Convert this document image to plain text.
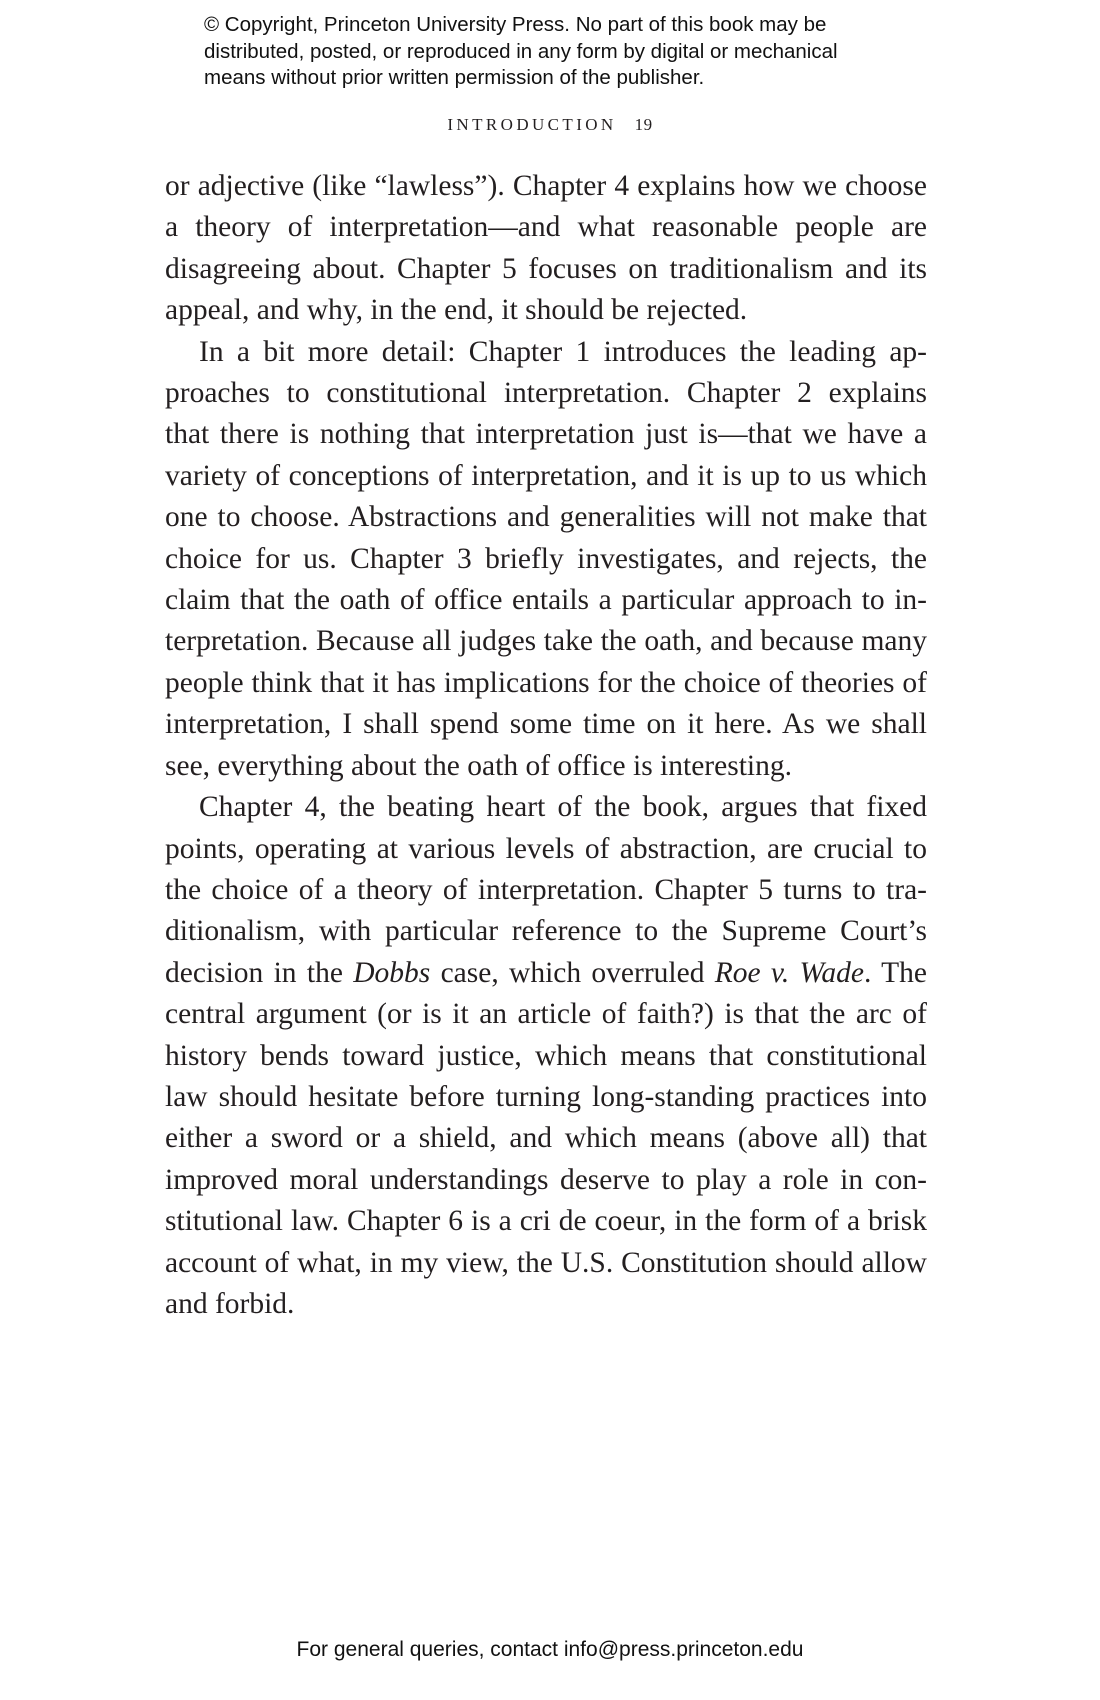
© Copyright, Princeton University Press. No part of this book may be
distributed, posted, or reproduced in any form by digital or mechanical
means without prior written permission of the publisher.
INTRODUCTION 19

or adjective (like “lawless”). Chapter 4 explains how we choose
a theory of interpretation—and what reasonable people are
disagreeing about. Chapter 5 focuses on traditionalism and its
appeal, and why, in the end, it should be rejected.

In a bit more detail: Chapter 1 introduces the leading ap-
proaches to constitutional interpretation. Chapter 2 explains
that there is nothing that interpretation just is—that we have a
variety of conceptions of interpretation, and it is up to us which
one to choose. Abstractions and generalities will not make that
choice for us. Chapter 3 briefly investigates, and rejects, the
claim that the oath of office entails a particular approach to in-
terpretation. Because all judges take the oath, and because many
people think that it has implications for the choice of theories of
interpretation, I shall spend some time on it here. As we shall
see, everything about the oath of office is interesting.

Chapter 4, the beating heart of the book, argues that fixed
points, operating at various levels of abstraction, are crucial to
the choice of a theory of interpretation. Chapter 5 turns to tra-
ditionalism, with particular reference to the Supreme Court’s
decision in the Dobbs case, which overruled Roe v. Wade. The
central argument (or is it an article of faith?) is that the arc of
history bends toward justice, which means that constitutional
law should hesitate before turning long-standing practices into
either a sword or a shield, and which means (above all) that
improved moral understandings deserve to play a role in con-
stitutional law. Chapter 6 is a cri de coeur, in the form of a brisk
account of what, in my view, the U.S. Constitution should allow
and forbid.

For general queries, contact info@press.princeton.edu
